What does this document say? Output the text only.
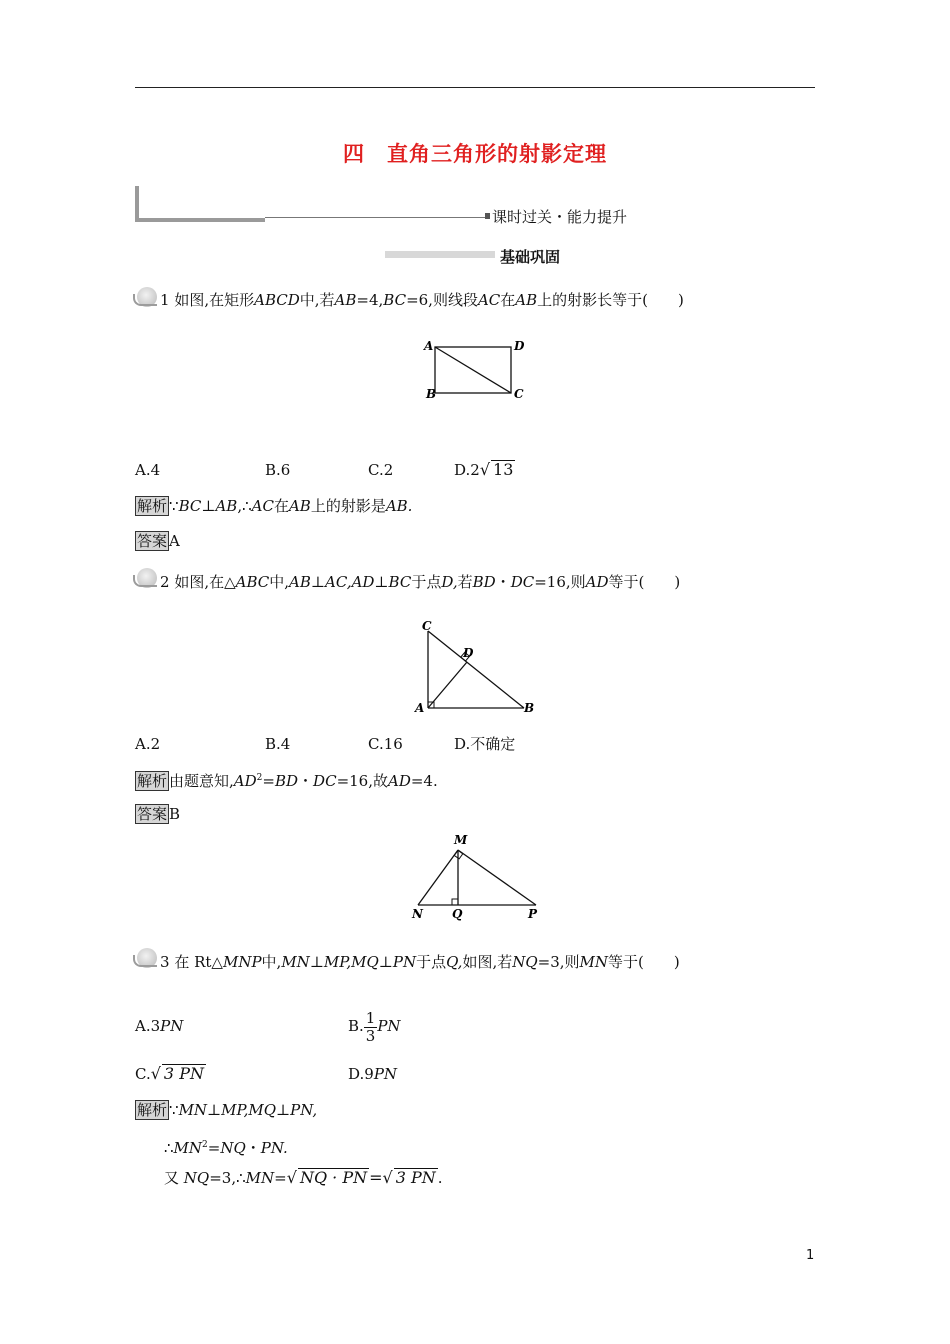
四　直角三角形的射影定理
课时过关・能力提升
基础巩固
1 如图,在矩形ABCD中,若AB=4,BC=6,则线段AC在AB上的射影长等于(　　)
A	D
B	C
A.4	B.6	C.2	D.2√ 13
解析 ∵BC⊥AB,∴AC在AB上的射影是AB.
答案 A
2 如图,在△ABC中,AB⊥AC,AD⊥BC于点D,若BD・DC=16,则AD等于(　　)
C
D
A	B
A.2	B.4	C.16	D.不确定
解析 由题意知$,AD^2=BD$・DC=16,故AD=4.
答案 B
M
N Q	P
3 在 Rt△MNP中,MN⊥MP,MQ⊥PN于点Q,如图,若NQ=3,则MN等于(　　)
A.3PN	B. $\frac{1}{3}$ PN
C.√ 3 PN	D.9PN
解析 ∵MN⊥MP,MQ⊥PN,
$\therefore MN^2=NQ$・PN.
又 NQ=3,∴MN=√ NQ · PN =√ 3 PN .
1
